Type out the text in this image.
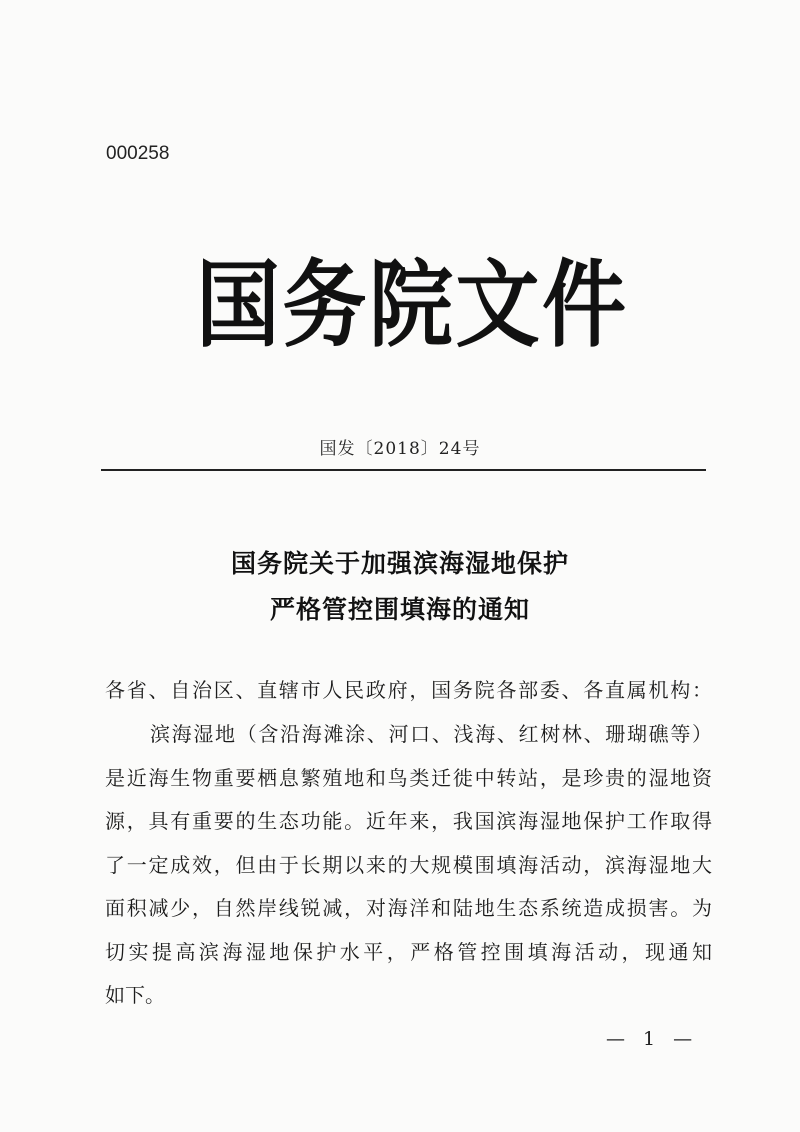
000258
国务院文件
国发〔2018〕24号
国务院关于加强滨海湿地保护
严格管控围填海的通知
各省、自治区、直辖市人民政府，国务院各部委、各直属机构：
滨海湿地（含沿海滩涂、河口、浅海、红树林、珊瑚礁等）
是近海生物重要栖息繁殖地和鸟类迁徙中转站，是珍贵的湿地资
源，具有重要的生态功能。近年来，我国滨海湿地保护工作取得
了一定成效，但由于长期以来的大规模围填海活动，滨海湿地大
面积减少，自然岸线锐减，对海洋和陆地生态系统造成损害。为
切实提高滨海湿地保护水平，严格管控围填海活动，现通知
如下。
— 1 —
